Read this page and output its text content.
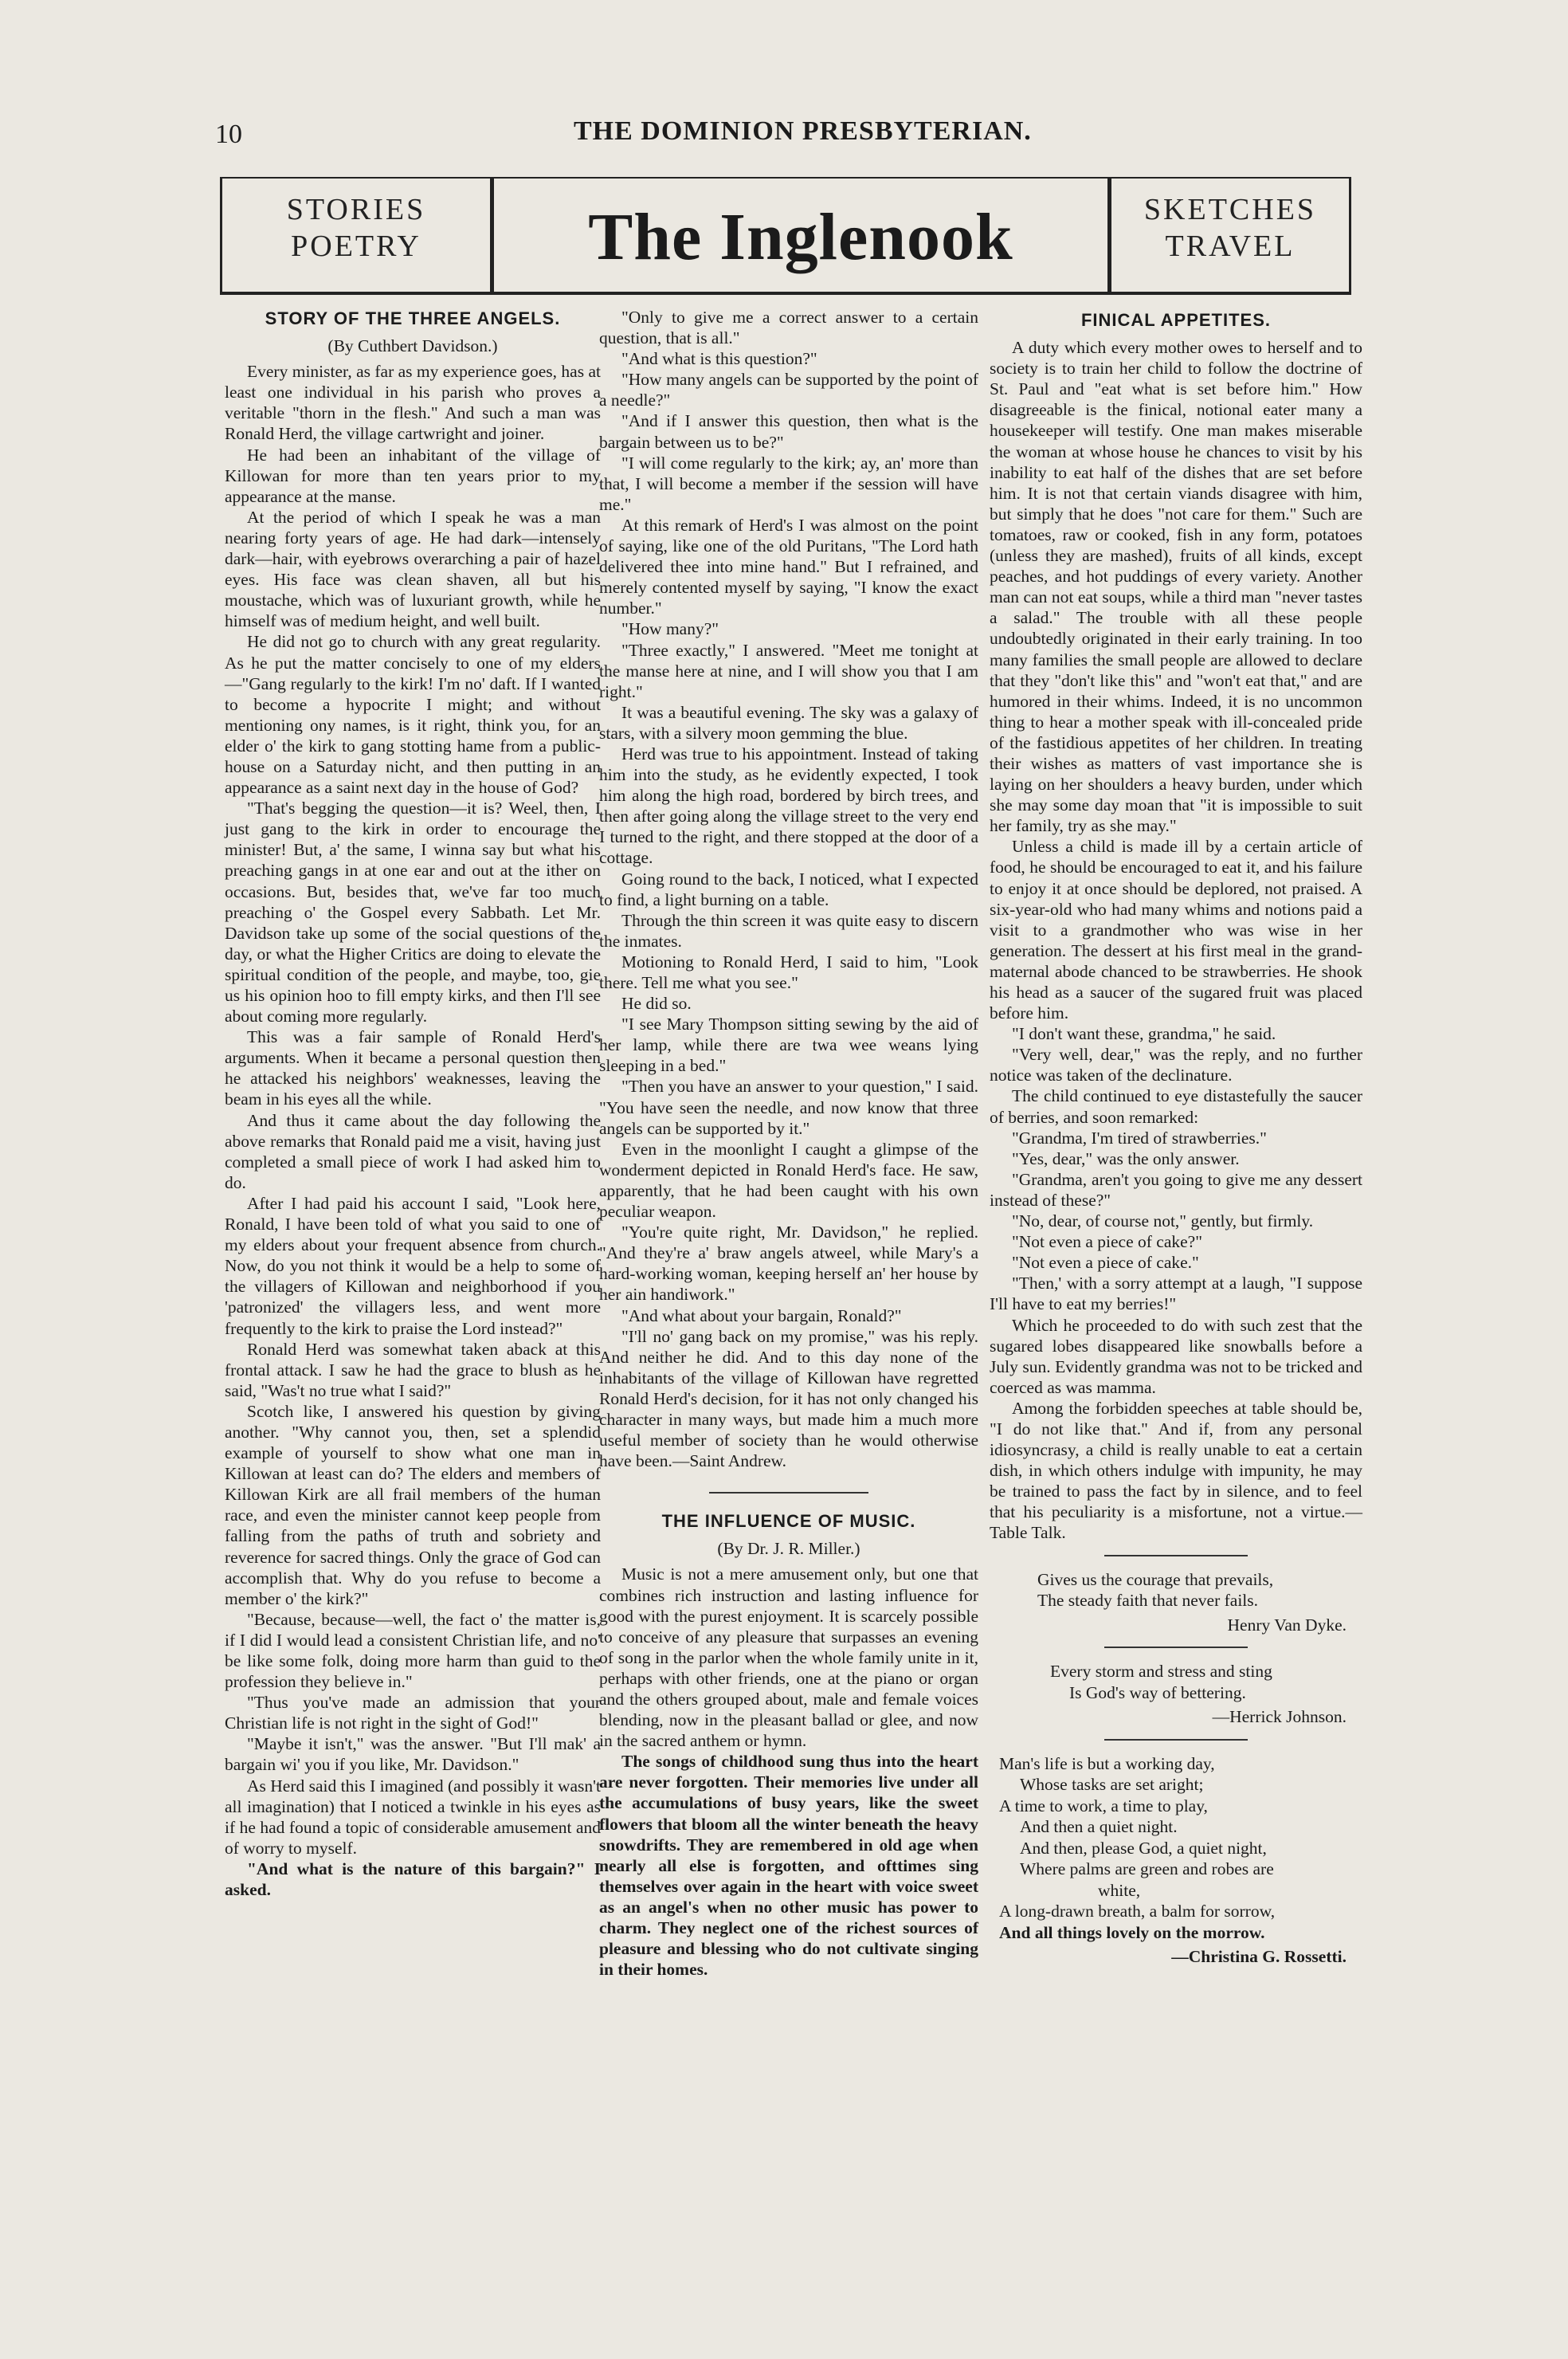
10	THE DOMINION PRESBYTERIAN.
STORIES
POETRY	The Inglenook	SKETCHES
TRAVEL
STORY OF THE THREE ANGELS.
(By Cuthbert Davidson.)

Every minister, as far as my experience goes, has at least one individual in his parish who proves a veritable "thorn in the flesh." And such a man was Ronald Herd, the village cartwright and joiner.

He had been an inhabitant of the village of Killowan for more than ten years prior to my appearance at the manse.

At the period of which I speak he was a man nearing forty years of age. He had dark—intensely dark—hair, with eyebrows overarching a pair of hazel eyes. His face was clean shaven, all but his moustache, which was of luxuriant growth, while he himself was of medium height, and well built.

He did not go to church with any great regularity. As he put the matter concisely to one of my elders—"Gang regularly to the kirk! I'm no' daft. If I wanted to become a hypocrite I might; and without mentioning ony names, is it right, think you, for an elder o' the kirk to gang stotting hame from a public-house on a Saturday nicht, and then putting in an appearance as a saint next day in the house of God?

"That's begging the question—it is? Weel, then, I just gang to the kirk in order to encourage the minister! But, a' the same, I winna say but what his preaching gangs in at one ear and out at the ither on occasions. But, besides that, we've far too much preaching o' the Gospel every Sabbath. Let Mr. Davidson take up some of the social questions of the day, or what the Higher Critics are doing to elevate the spiritual condition of the people, and maybe, too, gie us his opinion hoo to fill empty kirks, and then I'll see about coming more regularly.

This was a fair sample of Ronald Herd's arguments. When it became a personal question then he attacked his neighbors' weaknesses, leaving the beam in his eyes all the while.

And thus it came about the day following the above remarks that Ronald paid me a visit, having just completed a small piece of work I had asked him to do.

After I had paid his account I said, "Look here, Ronald, I have been told of what you said to one of my elders about your frequent absence from church. Now, do you not think it would be a help to some of the villagers of Killowan and neighborhood if you 'patronized' the villagers less, and went more frequently to the kirk to praise the Lord instead?"

Ronald Herd was somewhat taken aback at this frontal attack. I saw he had the grace to blush as he said, "Was't no true what I said?"

Scotch like, I answered his question by giving another. "Why cannot you, then, set a splendid example of yourself to show what one man in Killowan at least can do? The elders and members of Killowan Kirk are all frail members of the human race, and even the minister cannot keep people from falling from the paths of truth and sobriety and reverence for sacred things. Only the grace of God can accomplish that. Why do you refuse to become a member o' the kirk?"

"Because, because—well, the fact o' the matter is, if I did I would lead a consistent Christian life, and no' be like some folk, doing more harm than guid to the profession they believe in."

"Thus you've made an admission that your Christian life is not right in the sight of God!"

"Maybe it isn't," was the answer. "But I'll mak' a bargain wi' you if you like, Mr. Davidson."

As Herd said this I imagined (and possibly it wasn't all imagination) that I noticed a twinkle in his eyes as if he had found a topic of considerable amusement and of worry to myself.

"And what is the nature of this bargain?" I asked.

"Only to give me a correct answer to a certain question, that is all."

"And what is this question?"

"How many angels can be supported by the point of a needle?"

"And if I answer this question, then what is the bargain between us to be?"

"I will come regularly to the kirk; ay, an' more than that, I will become a member if the session will have me."

At this remark of Herd's I was almost on the point of saying, like one of the old Puritans, "The Lord hath delivered thee into mine hand." But I refrained, and merely contented myself by saying, "I know the exact number."

"How many?"

"Three exactly," I answered. "Meet me tonight at the manse here at nine, and I will show you that I am right."

It was a beautiful evening. The sky was a galaxy of stars, with a silvery moon gemming the blue.

Herd was true to his appointment. Instead of taking him into the study, as he evidently expected, I took him along the high road, bordered by birch trees, and then after going along the village street to the very end I turned to the right, and there stopped at the door of a cottage.

Going round to the back, I noticed, what I expected to find, a light burning on a table.

Through the thin screen it was quite easy to discern the inmates.

Motioning to Ronald Herd, I said to him, "Look there. Tell me what you see."

He did so.

"I see Mary Thompson sitting sewing by the aid of her lamp, while there are twa wee weans lying sleeping in a bed."

"Then you have an answer to your question," I said. "You have seen the needle, and now know that three angels can be supported by it."

Even in the moonlight I caught a glimpse of the wonderment depicted in Ronald Herd's face. He saw, apparently, that he had been caught with his own peculiar weapon.

"You're quite right, Mr. Davidson," he replied. "And they're a' braw angels atweel, while Mary's a hard-working woman, keeping herself an' her house by her ain handiwork."

"And what about your bargain, Ronald?"

"I'll no' gang back on my promise," was his reply. And neither he did. And to this day none of the inhabitants of the village of Killowan have regretted Ronald Herd's decision, for it has not only changed his character in many ways, but made him a much more useful member of society than he would otherwise have been.—Saint Andrew.

THE INFLUENCE OF MUSIC.
(By Dr. J. R. Miller.)

Music is not a mere amusement only, but one that combines rich instruction and lasting influence for good with the purest enjoyment. It is scarcely possible to conceive of any pleasure that surpasses an evening of song in the parlor when the whole family unite in it, perhaps with other friends, one at the piano or organ and the others grouped about, male and female voices blending, now in the pleasant ballad or glee, and now in the sacred anthem or hymn.

The songs of childhood sung thus into the heart are never forgotten. Their memories live under all the accumulations of busy years, like the sweet flowers that bloom all the winter beneath the heavy snowdrifts. They are remembered in old age when nearly all else is forgotten, and ofttimes sing themselves over again in the heart with voice sweet as an angel's when no other music has power to charm. They neglect one of the richest sources of pleasure and blessing who do not cultivate singing in their homes.

FINICAL APPETITES.

A duty which every mother owes to herself and to society is to train her child to follow the doctrine of St. Paul and "eat what is set before him." How disagreeable is the finical, notional eater many a housekeeper will testify. One man makes miserable the woman at whose house he chances to visit by his inability to eat half of the dishes that are set before him. It is not that certain viands disagree with him, but simply that he does "not care for them." Such are tomatoes, raw or cooked, fish in any form, potatoes (unless they are mashed), fruits of all kinds, except peaches, and hot puddings of every variety. Another man can not eat soups, while a third man "never tastes a salad." The trouble with all these people undoubtedly originated in their early training. In too many families the small people are allowed to declare that they "don't like this" and "won't eat that," and are humored in their whims. Indeed, it is no uncommon thing to hear a mother speak with ill-concealed pride of the fastidious appetites of her children. In treating their wishes as matters of vast importance she is laying on her shoulders a heavy burden, under which she may some day moan that "it is impossible to suit her family, try as she may."

Unless a child is made ill by a certain article of food, he should be encouraged to eat it, and his failure to enjoy it at once should be deplored, not praised. A six-year-old who had many whims and notions paid a visit to a grandmother who was wise in her generation. The dessert at his first meal in the grand-maternal abode chanced to be strawberries. He shook his head as a saucer of the sugared fruit was placed before him.

"I don't want these, grandma," he said.

"Very well, dear," was the reply, and no further notice was taken of the declinature.

The child continued to eye distastefully the saucer of berries, and soon remarked:

"Grandma, I'm tired of strawberries."

"Yes, dear," was the only answer.

"Grandma, aren't you going to give me any dessert instead of these?"

"No, dear, of course not," gently, but firmly.

"Not even a piece of cake?"

"Not even a piece of cake."

"Then,' with a sorry attempt at a laugh, "I suppose I'll have to eat my berries!"

Which he proceeded to do with such zest that the sugared lobes disappeared like snowballs before a July sun. Evidently grandma was not to be tricked and coerced as was mamma.

Among the forbidden speeches at table should be, "I do not like that." And if, from any personal idiosyncrasy, a child is really unable to eat a certain dish, in which others indulge with impunity, he may be trained to pass the fact by in silence, and to feel that his peculiarity is a misfortune, not a virtue.—Table Talk.

Gives us the courage that prevails,
The steady faith that never fails.
Henry Van Dyke.
Every storm and stress and sting
Is God's way of bettering.
—Herrick Johnson.
Man's life is but a working day,
Whose tasks are set aright;
A time to work, a time to play,
And then a quiet night.
And then, please God, a quiet night,
Where palms are green and robes are
white,
A long-drawn breath, a balm for sorrow,
And all things lovely on the morrow.
—Christina G. Rossetti.
